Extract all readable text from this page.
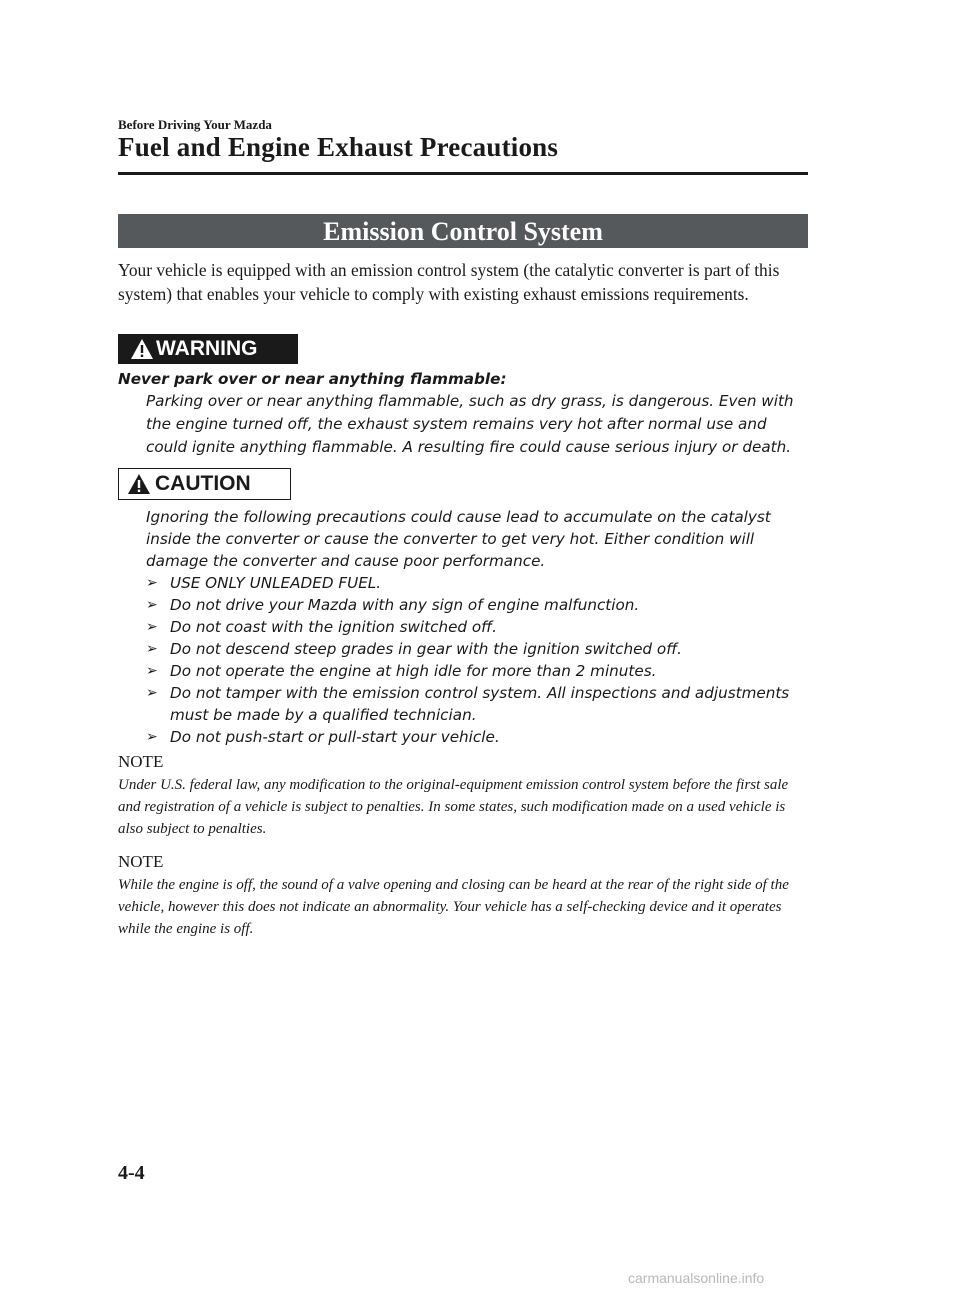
Before Driving Your Mazda
Fuel and Engine Exhaust Precautions
Emission Control System

Your vehicle is equipped with an emission control system (the catalytic converter is part of this system) that enables your vehicle to comply with existing exhaust emissions requirements.

WARNING
Never park over or near anything flammable:
Parking over or near anything flammable, such as dry grass, is dangerous. Even with the engine turned off, the exhaust system remains very hot after normal use and could ignite anything flammable. A resulting fire could cause serious injury or death.
CAUTION
Ignoring the following precautions could cause lead to accumulate on the catalyst inside the converter or cause the converter to get very hot. Either condition will damage the converter and cause poor performance.
➢ USE ONLY UNLEADED FUEL.
➢ Do not drive your Mazda with any sign of engine malfunction.
➢ Do not coast with the ignition switched off.
➢ Do not descend steep grades in gear with the ignition switched off.
➢ Do not operate the engine at high idle for more than 2 minutes.
➢ Do not tamper with the emission control system. All inspections and adjustments must be made by a qualified technician.
➢ Do not push-start or pull-start your vehicle.
NOTE
Under U.S. federal law, any modification to the original-equipment emission control system before the first sale and registration of a vehicle is subject to penalties. In some states, such modification made on a used vehicle is also subject to penalties.
NOTE
While the engine is off, the sound of a valve opening and closing can be heard at the rear of the right side of the vehicle, however this does not indicate an abnormality. Your vehicle has a self-checking device and it operates while the engine is off.
4-4
carmanualsonline.info
